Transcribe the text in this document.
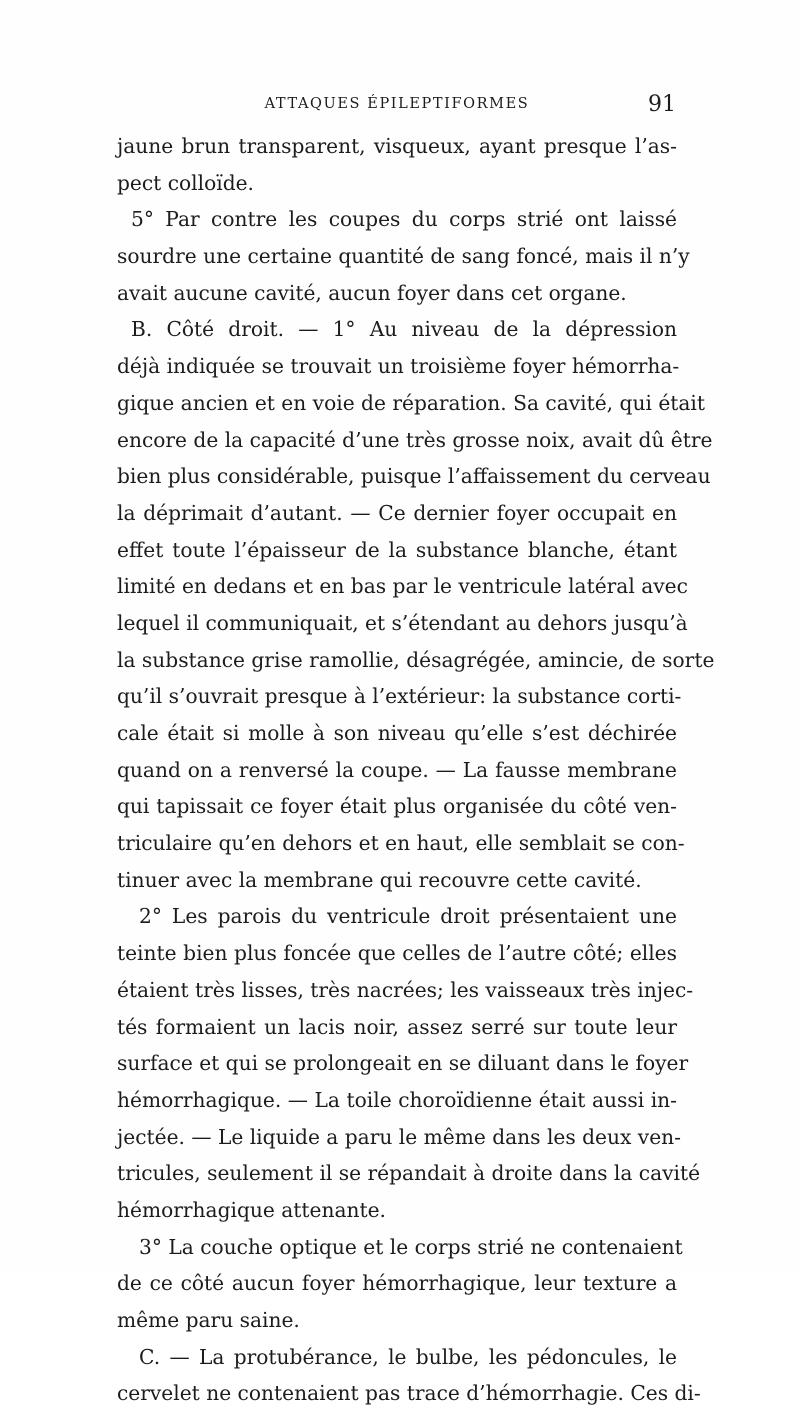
ATTAQUES ÉPILEPTIFORMES	91
jaune brun transparent, visqueux, ayant presque l’as-
pect colloïde.
5° Par contre les coupes du corps strié ont laissé
sourdre une certaine quantité de sang foncé, mais il n’y
avait aucune cavité, aucun foyer dans cet organe.
B. Côté droit. — 1° Au niveau de la dépression
déjà indiquée se trouvait un troisième foyer hémorrha-
gique ancien et en voie de réparation. Sa cavité, qui était
encore de la capacité d’une très grosse noix, avait dû être
bien plus considérable, puisque l’affaissement du cerveau
la déprimait d’autant. — Ce dernier foyer occupait en
effet toute l’épaisseur de la substance blanche, étant
limité en dedans et en bas par le ventricule latéral avec
lequel il communiquait, et s’étendant au dehors jusqu’à
la substance grise ramollie, désagrégée, amincie, de sorte
qu’il s’ouvrait presque à l’extérieur: la substance corti-
cale était si molle à son niveau qu’elle s’est déchirée
quand on a renversé la coupe. — La fausse membrane
qui tapissait ce foyer était plus organisée du côté ven-
triculaire qu’en dehors et en haut, elle semblait se con-
tinuer avec la membrane qui recouvre cette cavité.
2° Les parois du ventricule droit présentaient une
teinte bien plus foncée que celles de l’autre côté; elles
étaient très lisses, très nacrées; les vaisseaux très injec-
tés formaient un lacis noir, assez serré sur toute leur
surface et qui se prolongeait en se diluant dans le foyer
hémorrhagique. — La toile choroïdienne était aussi in-
jectée. — Le liquide a paru le même dans les deux ven-
tricules, seulement il se répandait à droite dans la cavité
hémorrhagique attenante.
3° La couche optique et le corps strié ne contenaient
de ce côté aucun foyer hémorrhagique, leur texture a
même paru saine.
C. — La protubérance, le bulbe, les pédoncules, le
cervelet ne contenaient pas trace d’hémorrhagie. Ces di-
